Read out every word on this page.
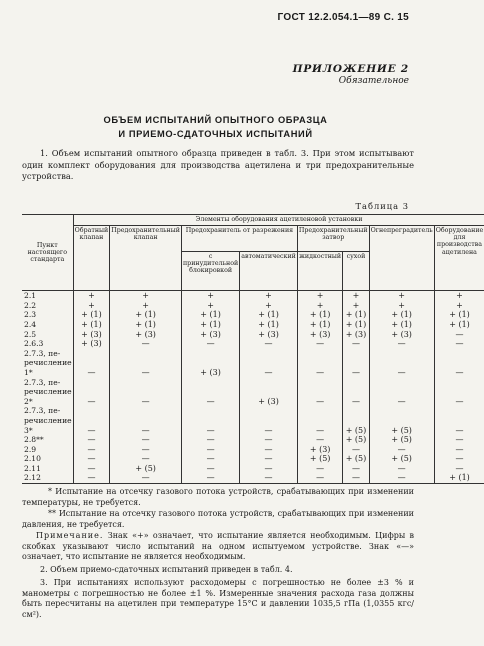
ГОСТ 12.2.054.1—89 С. 15
ПРИЛОЖЕНИЕ 2
Обязательное
ОБЪЕМ ИСПЫТАНИЙ ОПЫТНОГО ОБРАЗЦА
И ПРИЕМО-СДАТОЧНЫХ ИСПЫТАНИЙ
1. Объем испытаний опытного образца приведен в табл. 3. При этом испытывают один комплект оборудования для производства ацетилена и три предохранительные устройства.
Таблица 3
Пункт настоящего стандарта	Элементы оборудования ацетиленовой установки							
	Обратный клапан	Предохранительный клапан	Предохранитель от разрежения		Предохранительный затвор		Огнепреградитель	Оборудование для производства ацетилена
			с принудительной блокировкой	автоматический	жидкостный	сухой		
2.1	+	+	+	+	+	+	+	+
2.2	+	+	+	+	+	+	+	+
2.3	+ (1)	+ (1)	+ (1)	+ (1)	+ (1)	+ (1)	+ (1)	+ (1)
2.4	+ (1)	+ (1)	+ (1)	+ (1)	+ (1)	+ (1)	+ (1)	+ (1)
2.5	+ (3)	+ (3)	+ (3)	+ (3)	+ (3)	+ (3)	+ (3)	—
2.6.3	+ (3)	—	—	—	—	—	—	—
2.7.3, пе-								
речисление								
1*	—	—	+ (3)	—	—	—	—	—
2.7.3, пе-								
речисление								
2*	—	—	—	+ (3)	—	—	—	—
2.7.3, пе-								
речисление								
3*	—	—	—	—	—	+ (5)	+ (5)	—
2.8**	—	—	—	—	—	+ (5)	+ (5)	—
2.9	—	—	—	—	+ (3)	—	—	—
2.10	—	—	—	—	+ (5)	+ (5)	+ (5)	—
2.11	—	+ (5)	—	—	—	—	—	—
2.12	—	—	—	—	—	—	—	+ (1)
* Испытание на отсечку газового потока устройств, срабатывающих при изменении температуры, не требуется.
** Испытание на отсечку газового потока устройств, срабатывающих при изменении давления, не требуется.
Примечание. Знак «+» означает, что испытание является необходимым. Цифры в скобках указывают число испытаний на одном испытуемом устройстве. Знак «—» означает, что испытание не является необходимым.
2. Объем приемо-сдаточных испытаний приведен в табл. 4.
3. При испытаниях используют расходомеры с погрешностью не более ±3 % и манометры с погрешностью не более ±1 %. Измеренные значения расхода газа должны быть пересчитаны на ацетилен при температуре 15°С и давлении 1035,5 гПа (1,0355 кгс/см²).
